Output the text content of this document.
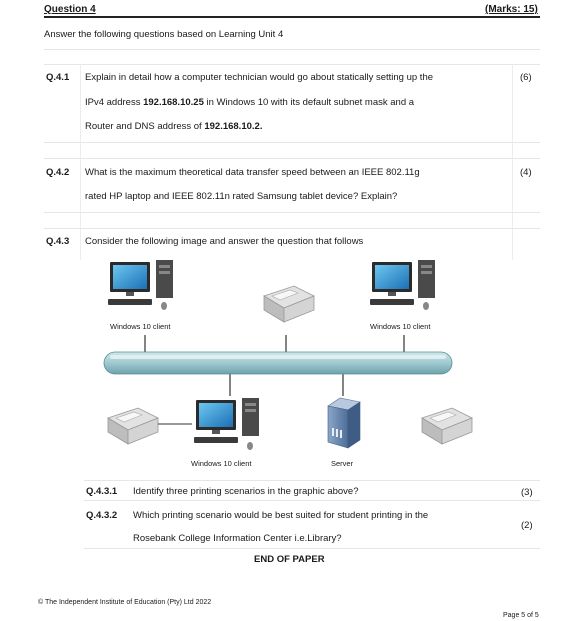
Question 4	(Marks: 15)
Answer the following questions based on Learning Unit 4
Q.4.1 Explain in detail how a computer technician would go about statically setting up the
IPv4 address 192.168.10.25 in Windows 10 with its default subnet mask and a
Router and DNS address of 192.168.10.2.
(6)
Q.4.2 What is the maximum theoretical data transfer speed between an IEEE 802.11g
rated HP laptop and IEEE 802.11n rated Samsung tablet device? Explain?
(4)
Q.4.3 Consider the following image and answer the question that follows
Windows 10 client	Windows 10 client
Windows 10 client	Server
Q.4.3.1 Identify three printing scenarios in the graphic above?	(3)
Q.4.3.2 Which printing scenario would be best suited for student printing in the
Rosebank College Information Center i.e.Library?
(2)
END OF PAPER
© The Independent Institute of Education (Pty) Ltd 2022
Page 5 of 5
